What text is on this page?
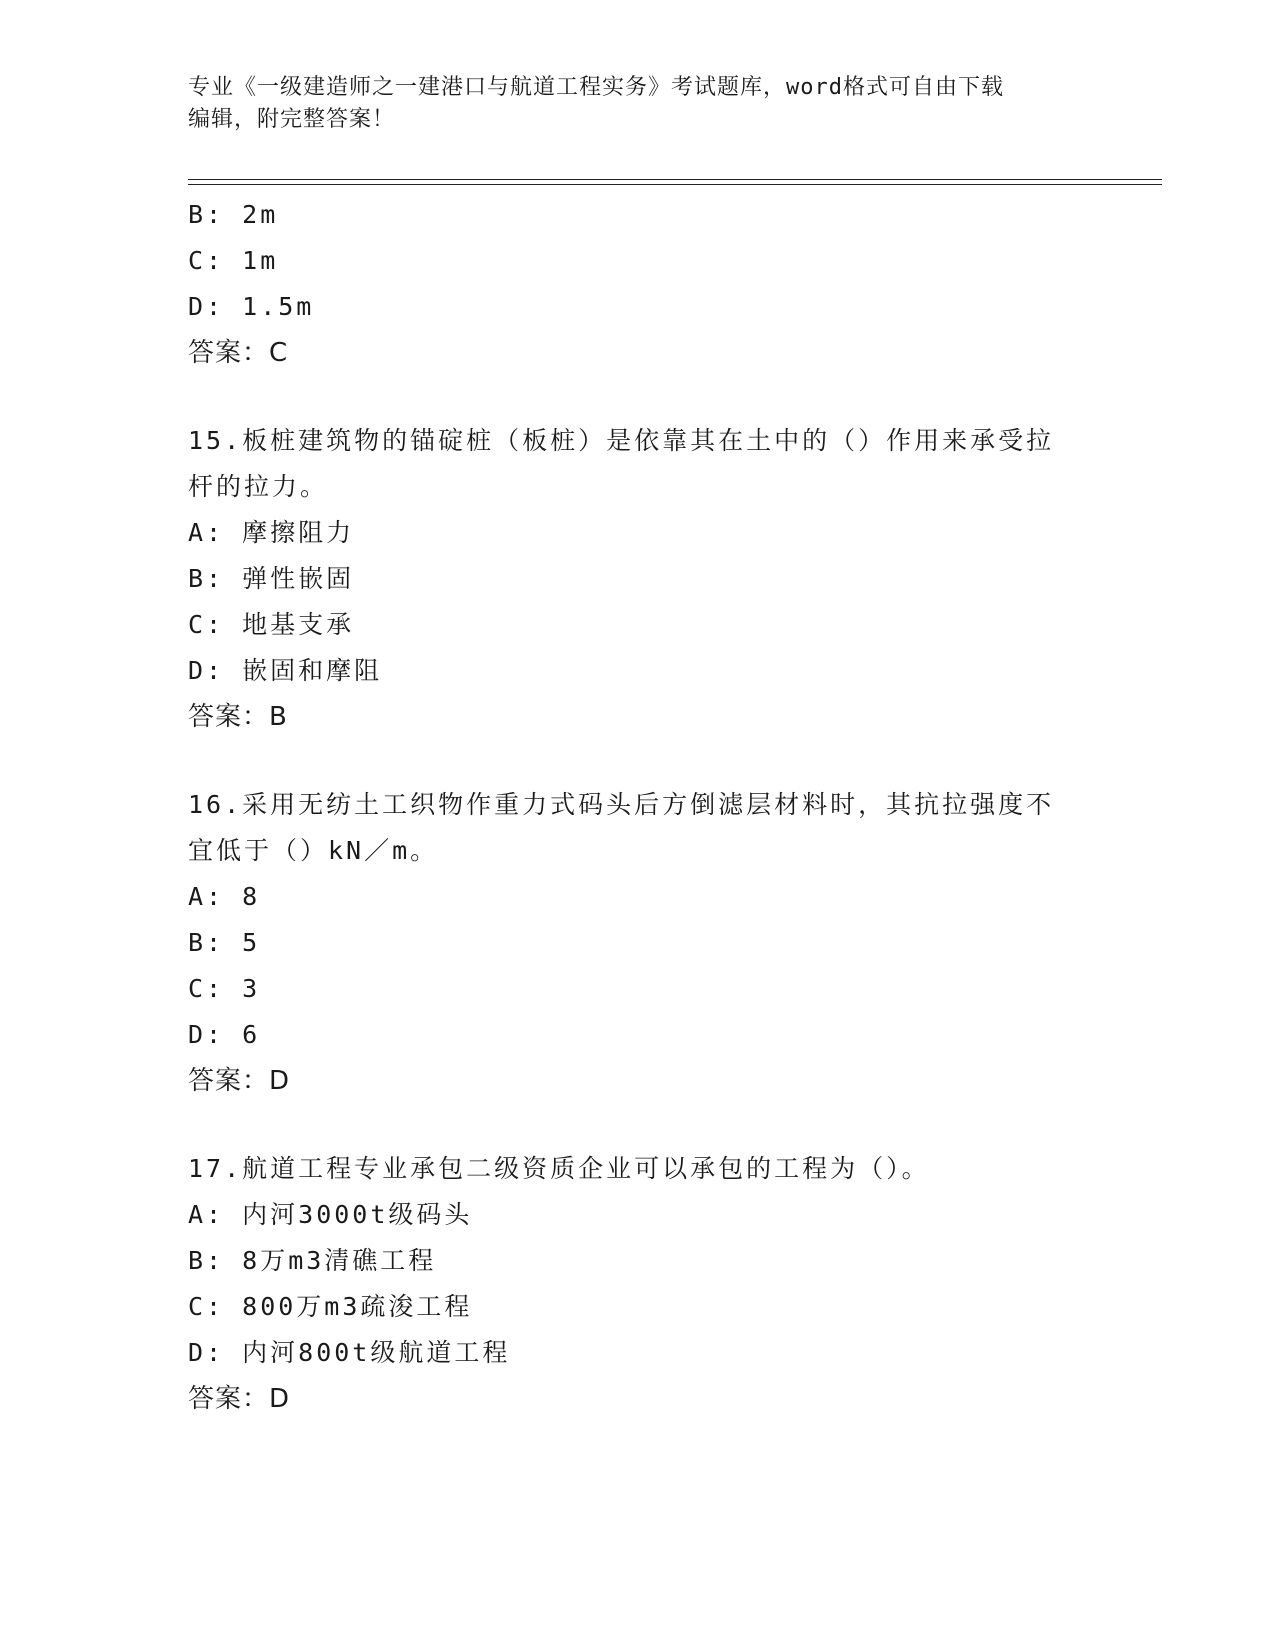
专业《一级建造师之一建港口与航道工程实务》考试题库，word格式可自由下载
编辑，附完整答案！
B: 2m
C: 1m
D: 1.5m
答案：C
15.板桩建筑物的锚碇桩（板桩）是依靠其在土中的（）作用来承受拉
杆的拉力。
A: 摩擦阻力
B: 弹性嵌固
C: 地基支承
D: 嵌固和摩阻
答案：B
16.采用无纺土工织物作重力式码头后方倒滤层材料时，其抗拉强度不
宜低于（）kN／m。
A: 8
B: 5
C: 3
D: 6
答案：D
17.航道工程专业承包二级资质企业可以承包的工程为（）。
A: 内河3000t级码头
B: 8万m3清礁工程
C: 800万m3疏浚工程
D: 内河800t级航道工程
答案：D
